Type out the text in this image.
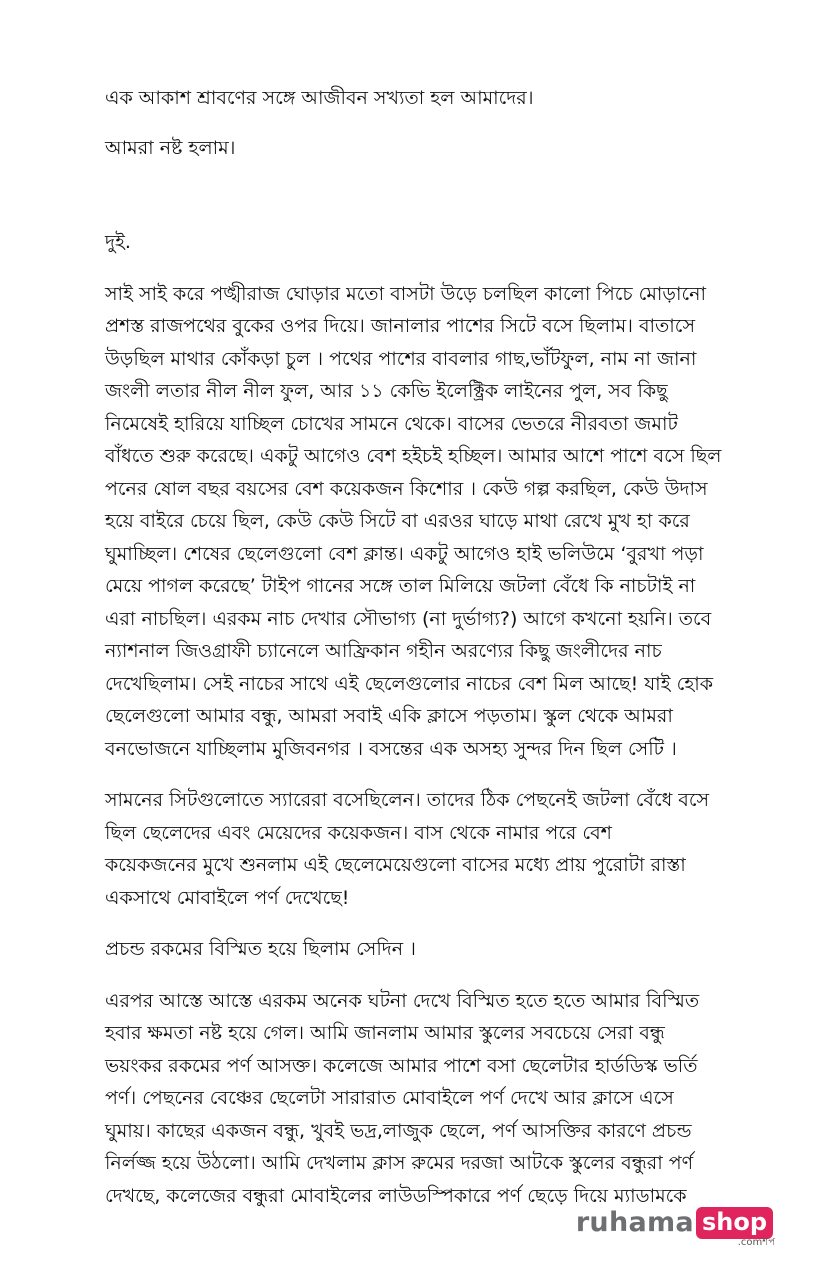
এক আকাশ শ্রাবণের সঙ্গে আজীবন সখ্যতা হল আমাদের।

আমরা নষ্ট হলাম।

দুই.

সাই সাই করে পঙ্খীরাজ ঘোড়ার মতো বাসটা উড়ে চলছিল কালো পিচে মোড়ানো
প্রশস্ত রাজপথের বুকের ওপর দিয়ে। জানালার পাশের সিটে বসে ছিলাম। বাতাসে
উড়ছিল মাথার কোঁকড়া চুল । পথের পাশের বাবলার গাছ,ভাঁটফুল, নাম না জানা
জংলী লতার নীল নীল ফুল, আর ১১ কেভি ইলেক্ট্রিক লাইনের পুল, সব কিছু
নিমেষেই হারিয়ে যাচ্ছিল চোখের সামনে থেকে। বাসের ভেতরে নীরবতা জমাট
বাঁধতে শুরু করেছে। একটু আগেও বেশ হইচই হচ্ছিল। আমার আশে পাশে বসে ছিল
পনের ষোল বছর বয়সের বেশ কয়েকজন কিশোর । কেউ গল্প করছিল, কেউ উদাস
হয়ে বাইরে চেয়ে ছিল, কেউ কেউ সিটে বা এরওর ঘাড়ে মাথা রেখে মুখ হা করে
ঘুমাচ্ছিল। শেষের ছেলেগুলো বেশ ক্লান্ত। একটু আগেও হাই ভলিউমে ‘বুরখা পড়া
মেয়ে পাগল করেছে’ টাইপ গানের সঙ্গে তাল মিলিয়ে জটলা বেঁধে কি নাচটাই না
এরা নাচছিল। এরকম নাচ দেখার সৌভাগ্য (না দুর্ভাগ্য?) আগে কখনো হয়নি। তবে
ন্যাশনাল জিওগ্রাফী চ্যানেলে আফ্রিকান গহীন অরণ্যের কিছু জংলীদের নাচ
দেখেছিলাম। সেই নাচের সাথে এই ছেলেগুলোর নাচের বেশ মিল আছে! যাই হোক
ছেলেগুলো আমার বন্ধু, আমরা সবাই একি ক্লাসে পড়তাম। স্কুল থেকে আমরা
বনভোজনে যাচ্ছিলাম মুজিবনগর । বসন্তের এক অসহ্য সুন্দর দিন ছিল সেটি ।

সামনের সিটগুলোতে স্যারেরা বসেছিলেন। তাদের ঠিক পেছনেই জটলা বেঁধে বসে
ছিল ছেলেদের এবং মেয়েদের কয়েকজন। বাস থেকে নামার পরে বেশ
কয়েকজনের মুখে শুনলাম এই ছেলেমেয়েগুলো বাসের মধ্যে প্রায় পুরোটা রাস্তা
একসাথে মোবাইলে পর্ণ দেখেছে!

প্রচন্ড রকমের বিস্মিত হয়ে ছিলাম সেদিন ।

এরপর আস্তে আস্তে এরকম অনেক ঘটনা দেখে বিস্মিত হতে হতে আমার বিস্মিত
হবার ক্ষমতা নষ্ট হয়ে গেল। আমি জানলাম আমার স্কুলের সবচেয়ে সেরা বন্ধু
ভয়ংকর রকমের পর্ণ আসক্ত। কলেজে আমার পাশে বসা ছেলেটার হার্ডডিস্ক ভর্তি
পর্ণ। পেছনের বেঞ্চের ছেলেটা সারারাত মোবাইলে পর্ণ দেখে আর ক্লাসে এসে
ঘুমায়। কাছের একজন বন্ধু, খুবই ভদ্র,লাজুক ছেলে, পর্ণ আসক্তির কারণে প্রচন্ড
নির্লজ্জ হয়ে উঠলো। আমি দেখলাম ক্লাস রুমের দরজা আটকে স্কুলের বন্ধুরা পর্ণ
দেখছে, কলেজের বন্ধুরা মোবাইলের লাউডস্পিকারে পর্ণ ছেড়ে দিয়ে ম্যাডামকে

ruhama shop
.comশপ
